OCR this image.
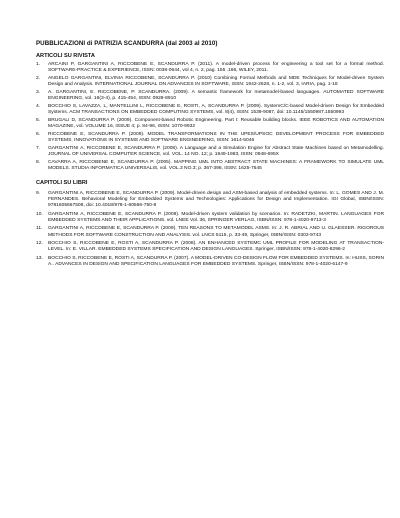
PUBBLICAZIONI di PATRIZIA SCANDURRA (dal 2003 al 2010)
ARTICOLI SU RIVISTA
1.	ARCAINI P, GARGANTINI A, RICCOBENE E, SCANDURRA P. (2011). A model-driven process for engineering a tool set for a formal method. SOFTWARE-PRACTICE & EXPERIENCE, ISSN: 0038-0644, vol 4, n. 2, pag. 155 .166, WILEY, 2011.
2.	ANGELO GARGANTINI, ELVINIA RICCOBENE, SCANDURRA P. (2010) Combining Formal Methods and MDE Techniques for Model-driven System Design and Analysis. INTERNATIONAL JOURNAL ON ADVANCES IN SOFTWARE, ISSN: 1942-2628, n. 1-2, vol. 3, IARIA, pag. 1-18
3.	A. GARGANTINI, E. RICCOBENE, P. SCANDURRA. (2009). A semantic framework for metamodel-based languages. AUTOMATED SOFTWARE ENGINEERING, vol. 16(3-4), p. 415-454, ISSN: 0928-8910
4.	BOCCHIO S, LAVAZZA, L, MANTELLINI L, RICCOBENE E, ROSTI, A, SCANDURRA P. (2009). SystemC/C-based Model-driven Design for Embedded Systems. ACM TRANSACTIONS ON EMBEDDED COMPUTING SYSTEMS, vol. 8(4), ISSN: 1539-9087, doi: 10.1145/1550987.1550993
5.	BRUGALI D, SCANDURRA P. (2009). Component-based Robotic Engineering. Part I: Reusable building blocks. IEEE ROBOTICS AND AUTOMATION MAGAZINE, vol. VOLUME 16, ISSUE 4; p. 84-96, ISSN: 1070-9932
6.	RICCOBENE E, SCANDURRA P. (2009). MODEL TRANSFORMATIONS IN THE UPES/UPSOC DEVELOPMENT PROCESS FOR EMBEDDED SYSTEMS. INNOVATIONS IN SYSTEMS AND SOFTWARE ENGINEERING, ISSN: 1614-5046
7.	GARGANTINI A, RICCOBENE E, SCANDURRA P. (2008). A Language and a Simulation Engine for Abstract State Machines based on Metamodelling. JOURNAL OF UNIVERSAL COMPUTER SCIENCE, vol. VOL. 14 NO. 12; p. 1949-1983, ISSN: 0948-695X
8.	CAVARRA A, RICCOBENE E, SCANDURRA P. (2005). MAPPING UML INTO ABSTRACT STATE MACHINES: A FRAMEWORK TO SIMULATE UML MODELS. STUDIA INFORMATICA UNIVERSALIS, vol. VOL.3 NO.3; p. 367-398, ISSN: 1625-7545
CAPITOLI SU LIBRI
9.	GARGANTINI A, RICCOBENE E, SCANDURRA P. (2009). Model-driven design and ASM-based analysis of embedded systems. In: L. GOMES AND J. M. FERNANDES. Behavioral Modeling for Embedded Systems and Technologies: Applications for Design and Implementation. IGI Global, ISBN/ISSN: 9781605667508, doi: 10.4018/978-1-60566-750-8
10.	GARGANTINI A, RICCOBENE E, SCANDURRA P. (2009). Model-driven system validation by scenarios. In: RADETZKI, MARTIN. LANGUAGES FOR EMBEDDED SYSTEMS AND THEIR APPLICATIONS. vol. LNEE Vol. 36, SPRINGER VERLAG, ISBN/ISSN: 978-1-4020-9713-3
11.	GARGANTINI A, RICCOBENE E, SCANDURRA P. (2009). TEN REASONS TO METAMODEL ASMS. In: J. R. ABRIAL AND U. GLAESSER. RIGOROUS METHODS FOR SOFTWARE CONSTRUCTION AND ANALYSIS. vol. LNCS 5115, p. 33-49, Springer, ISBN/ISSN: 0302-9743
12.	BOCCHIO S, RICCOBENE E, ROSTI A, SCANDURRA P. (2008). AN ENHANCED SYSTEMC UML PROFILE FOR MODELING AT TRANSACTION-LEVEL. In: E. VILLAR. EMBEDDED SYSTEMS SPECIFICATION AND DESIGN LANGUAGES. Springer, ISBN/ISSN: 978-1-4020-8296-2
13.	BOCCHIO S, RICCOBENE E, ROSTI A, SCANDURRA P. (2007). A MODEL-DRIVEN CO-DESIGN FLOW FOR EMBEDDED SYSTEMS. In: HUSS, SORIN A.. ADVANCES IN DESIGN AND SPECIFICATION LANGUAGES FOR EMBEDDED SYSTEMS. Springer, ISBN/ISSN: 978-1-4020-6147-9
